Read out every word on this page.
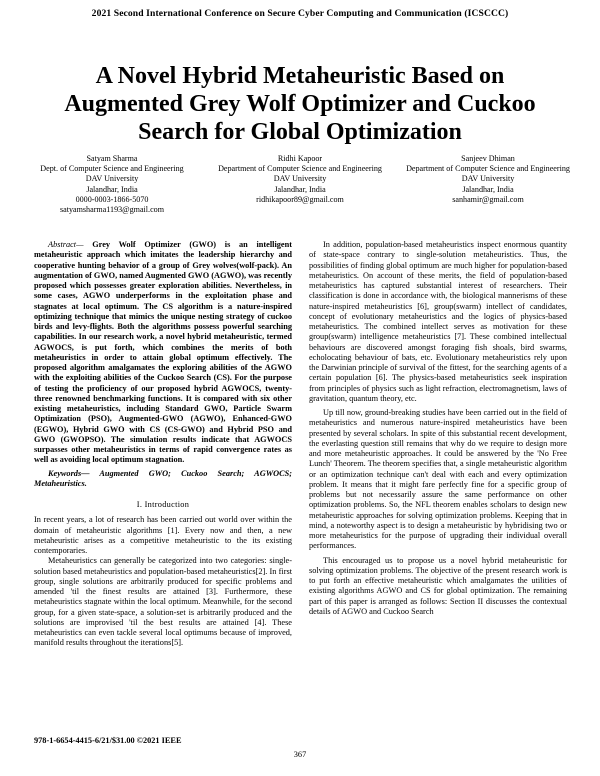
2021 Second International Conference on Secure Cyber Computing and Communication (ICSCCC)
A Novel Hybrid Metaheuristic Based on Augmented Grey Wolf Optimizer and Cuckoo Search for Global Optimization
Satyam Sharma
Dept. of Computer Science and Engineering
DAV University
Jalandhar, India
0000-0003-1866-5070
satyamsharma1193@gmail.com
Ridhi Kapoor
Department of Computer Science and Engineering
DAV University
Jalandhar, India
ridhikapoor89@gmail.com
Sanjeev Dhiman
Department of Computer Science and Engineering
DAV University
Jalandhar, India
sanhamir@gmail.com

Abstract— Grey Wolf Optimizer (GWO) is an intelligent metaheuristic approach which imitates the leadership hierarchy and cooperative hunting behavior of a group of Grey wolves(wolf-pack). An augmentation of GWO, named Augmented GWO (AGWO), was recently proposed which possesses greater exploration abilities. Nevertheless, in some cases, AGWO underperforms in the exploitation phase and stagnates at local optimum. The CS algorithm is a nature-inspired optimizing technique that mimics the unique nesting strategy of cuckoo birds and levy-flights. Both the algorithms possess powerful searching capabilities. In our research work, a novel hybrid metaheuristic, termed AGWOCS, is put forth, which combines the merits of both metaheuristics in order to attain global optimum effectively. The proposed algorithm amalgamates the exploring abilities of the AGWO with the exploiting abilities of the Cuckoo Search (CS). For the purpose of testing the proficiency of our proposed hybrid AGWOCS, twenty-three renowned benchmarking functions. It is compared with six other existing metaheuristics, including Standard GWO, Particle Swarm Optimization (PSO), Augmented-GWO (AGWO), Enhanced-GWO (EGWO), Hybrid GWO with CS (CS-GWO) and Hybrid PSO and GWO (GWOPSO). The simulation results indicate that AGWOCS surpasses other metaheuristics in terms of rapid convergence rates as well as avoiding local optimum stagnation.

Keywords— Augmented GWO; Cuckoo Search; AGWOCS; Metaheuristics.

I. Introduction

In recent years, a lot of research has been carried out world over within the domain of metaheuristic algorithms [1]. Every now and then, a new metaheuristic arises as a competitive metaheuristic to the its existing contemporaries.

Metaheuristics can generally be categorized into two categories: single-solution based metaheuristics and population-based metaheuristics[2]. In first group, single solutions are arbitrarily produced for specific problems and amended 'til the finest results are attained [3]. Furthermore, these metaheuristics stagnate within the local optimum. Meanwhile, for the second group, for a given state-space, a solution-set is arbitrarily produced and the solutions are improvised 'til the best results are attained [4]. These metaheuristics can even tackle several local optimums because of improved, manifold results throughout the iterations[5].

In addition, population-based metaheuristics inspect enormous quantity of state-space contrary to single-solution metaheuristics. Thus, the possibilities of finding global optimum are much higher for population-based metaheuristics. On account of these merits, the field of population-based metaheuristics has captured substantial interest of researchers. Their classification is done in accordance with, the biological mannerisms of these nature-inspired metaheuristics [6], group(swarm) intellect of candidates, concept of evolutionary metaheuristics and the logics of physics-based metaheuristics. The combined intellect serves as motivation for these group(swarm) intelligence metaheuristics [7]. These combined intellectual behaviours are discovered amongst foraging fish shoals, bird swarms, echolocating behaviour of bats, etc. Evolutionary metaheuristics rely upon the Darwinian principle of survival of the fittest, for the searching agents of a certain population [6]. The physics-based metaheuristics seek inspiration from principles of physics such as light refraction, electromagnetism, laws of gravitation, quantum theory, etc.

Up till now, ground-breaking studies have been carried out in the field of metaheuristics and numerous nature-inspired metaheuristics have been presented by several scholars. In spite of this substantial recent development, the everlasting question still remains that why do we require to design more and more metaheuristic approaches. It could be answered by the 'No Free Lunch' Theorem. The theorem specifies that, a single metaheuristic algorithm or an optimization technique can't deal with each and every optimization problem. It means that it might fare perfectly fine for a specific group of problems but not necessarily assure the same performance on other optimization problems. So, the NFL theorem enables scholars to design new metaheuristic approaches for solving optimization problems. Keeping that in mind, a noteworthy aspect is to design a metaheuristic by hybridising two or more metaheuristics for the purpose of upgrading their individual overall performances.

This encouraged us to propose us a novel hybrid metaheuristic for solving optimization problems. The objective of the present research work is to put forth an effective metaheuristic which amalgamates the utilities of existing algorithms AGWO and CS for global optimization. The remaining part of this paper is arranged as follows: Section II discusses the contextual details of AGWO and Cuckoo Search

978-1-6654-4415-6/21/$31.00 ©2021 IEEE
367
